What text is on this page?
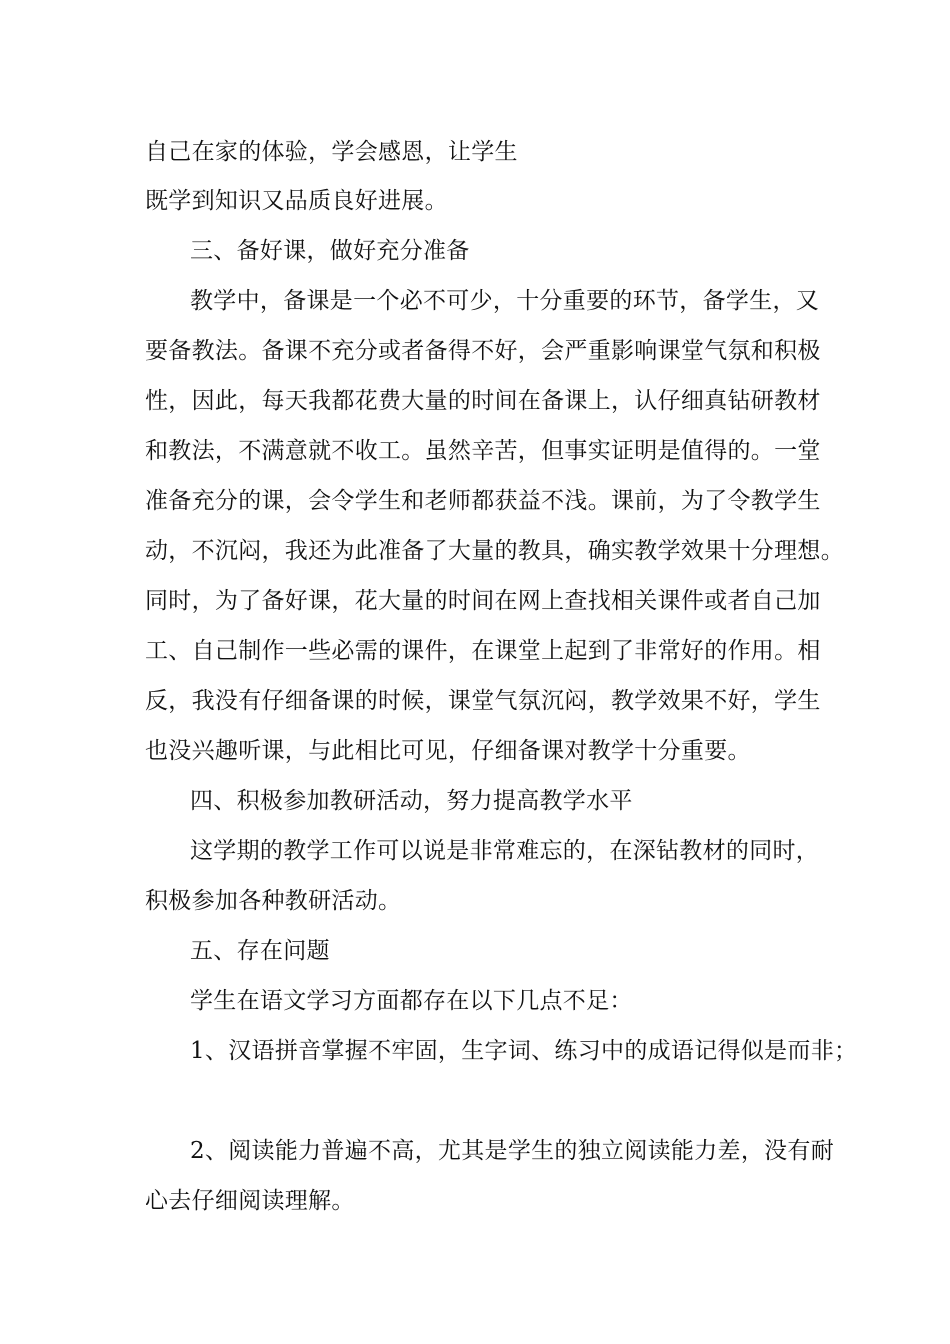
自己在家的体验，学会感恩，让学生
既学到知识又品质良好进展。
三、备好课，做好充分准备
教学中，备课是一个必不可少，十分重要的环节，备学生，又
要备教法。备课不充分或者备得不好，会严重影响课堂气氛和积极
性，因此，每天我都花费大量的时间在备课上，认仔细真钻研教材
和教法，不满意就不收工。虽然辛苦，但事实证明是值得的。一堂
准备充分的课，会令学生和老师都获益不浅。课前，为了令教学生
动，不沉闷，我还为此准备了大量的教具，确实教学效果十分理想。
同时，为了备好课，花大量的时间在网上查找相关课件或者自己加
工、自己制作一些必需的课件，在课堂上起到了非常好的作用。相
反，我没有仔细备课的时候，课堂气氛沉闷，教学效果不好，学生
也没兴趣听课，与此相比可见，仔细备课对教学十分重要。
四、积极参加教研活动，努力提高教学水平
这学期的教学工作可以说是非常难忘的，在深钻教材的同时，
积极参加各种教研活动。
五、存在问题
学生在语文学习方面都存在以下几点不足：
1、汉语拼音掌握不牢固，生字词、练习中的成语记得似是而非；
2、阅读能力普遍不高，尤其是学生的独立阅读能力差，没有耐
心去仔细阅读理解。
